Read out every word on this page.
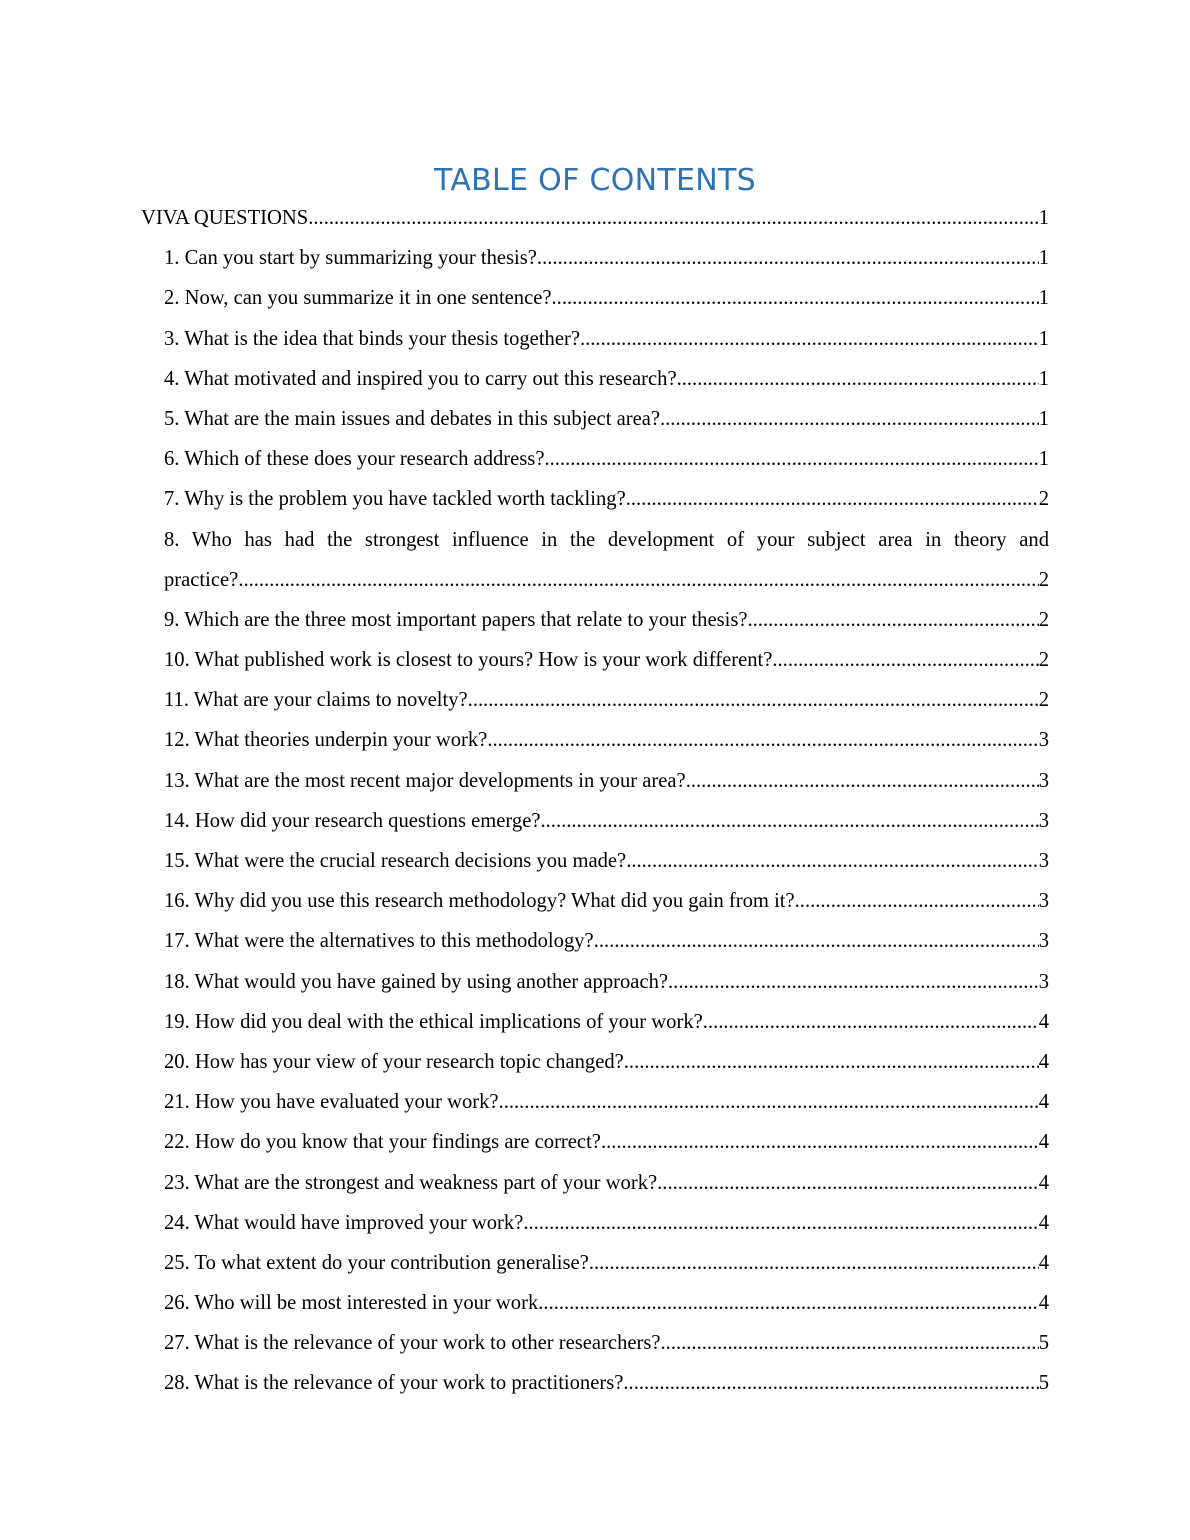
TABLE OF CONTENTS
VIVA QUESTIONS .....	1
1. Can you start by summarizing your thesis? .....	1
2. Now, can you summarize it in one sentence? .....	1
3. What is the idea that binds your thesis together? .....	1
4. What motivated and inspired you to carry out this research? .....	1
5. What are the main issues and debates in this subject area? .....	1
6. Which of these does your research address? .....	1
7. Why is the problem you have tackled worth tackling? .....	2
8. Who has had the strongest influence in the development of your subject area in theory and
practice? .....	2
9. Which are the three most important papers that relate to your thesis? .....	2
10. What published work is closest to yours? How is your work different? .....	2
11. What are your claims to novelty? .....	2
12. What theories underpin your work? .....	3
13. What are the most recent major developments in your area? .....	3
14. How did your research questions emerge? .....	3
15. What were the crucial research decisions you made? .....	3
16. Why did you use this research methodology? What did you gain from it? .....	3
17. What were the alternatives to this methodology? .....	3
18. What would you have gained by using another approach? .....	3
19. How did you deal with the ethical implications of your work? .....	4
20. How has your view of your research topic changed? .....	4
21. How you have evaluated your work? .....	4
22. How do you know that your findings are correct? .....	4
23. What are the strongest and weakness part of your work? .....	4
24. What would have improved your work? .....	4
25. To what extent do your contribution generalise? .....	4
26. Who will be most interested in your work .....	4
27. What is the relevance of your work to other researchers? .....	5
28. What is the relevance of your work to practitioners? .....	5
